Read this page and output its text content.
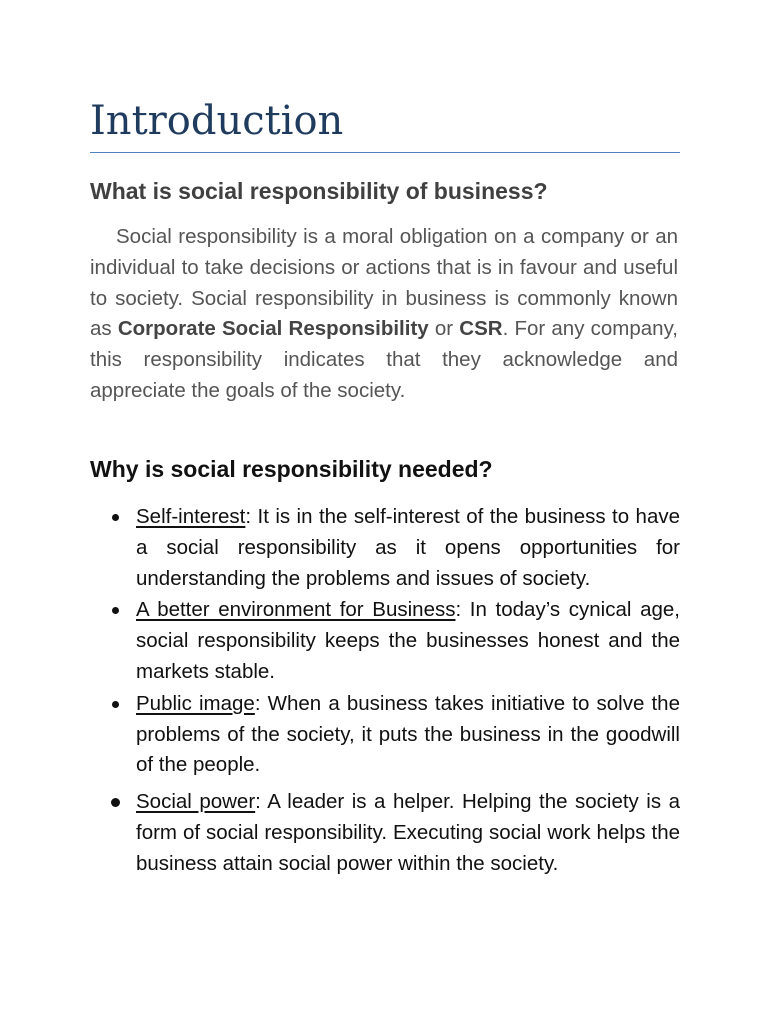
Introduction
What is social responsibility of business?

Social responsibility is a moral obligation on a company or an individual to take decisions or actions that is in favour and useful to society. Social responsibility in business is commonly known as Corporate Social Responsibility or CSR. For any company, this responsibility indicates that they acknowledge and appreciate the goals of the society.

Why is social responsibility needed?
Self-interest: It is in the self-interest of the business to have a social responsibility as it opens opportunities for understanding the problems and issues of society.
A better environment for Business: In today’s cynical age, social responsibility keeps the businesses honest and the markets stable.
Public image: When a business takes initiative to solve the problems of the society, it puts the business in the goodwill of the people.
Social power: A leader is a helper. Helping the society is a form of social responsibility. Executing social work helps the business attain social power within the society.
